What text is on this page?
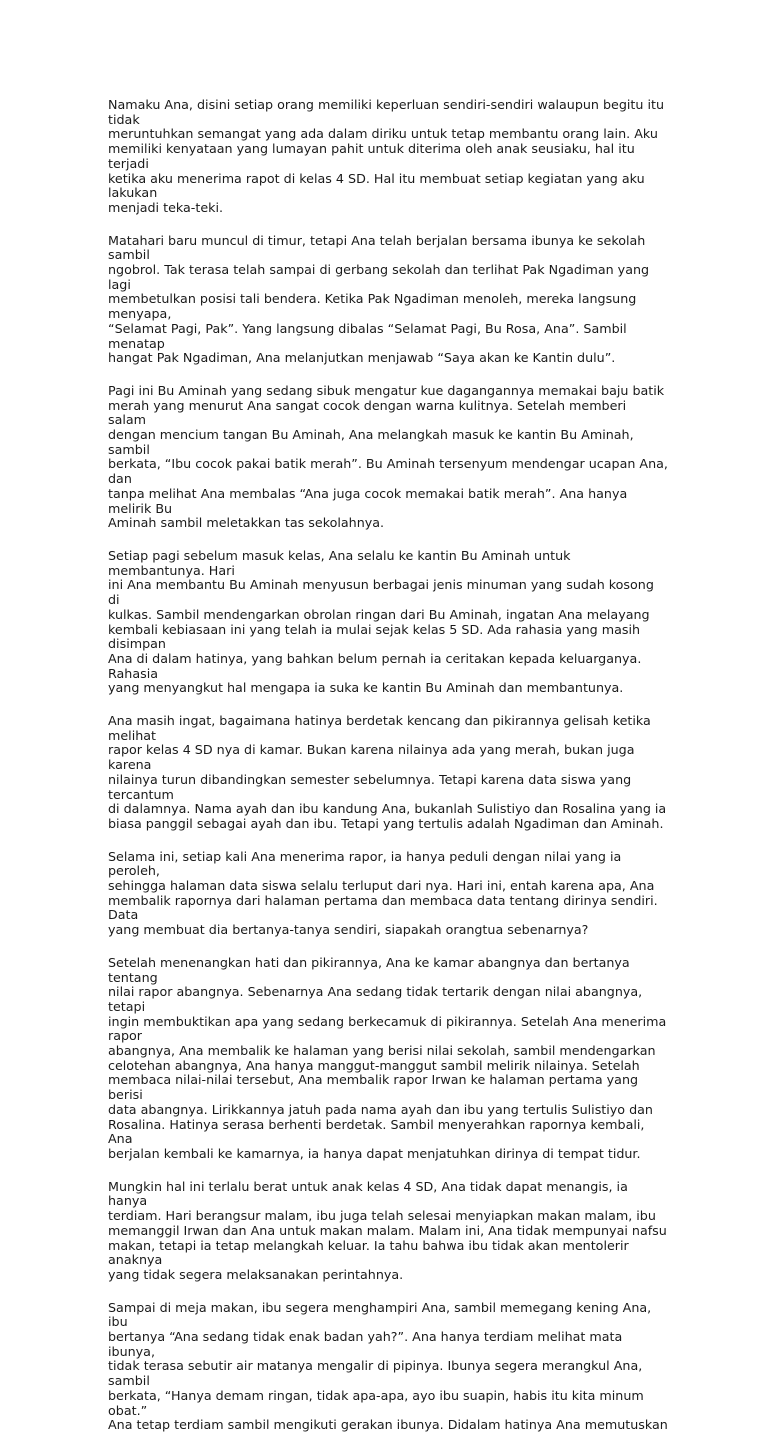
Namaku Ana, disini setiap orang memiliki keperluan sendiri-sendiri walaupun begitu itu tidak
meruntuhkan semangat yang ada dalam diriku untuk tetap membantu orang lain. Aku
memiliki kenyataan yang lumayan pahit untuk diterima oleh anak seusiaku, hal itu terjadi
ketika aku menerima rapot di kelas 4 SD. Hal itu membuat setiap kegiatan yang aku lakukan
menjadi teka-teki.

Matahari baru muncul di timur, tetapi Ana telah berjalan bersama ibunya ke sekolah sambil
ngobrol. Tak terasa telah sampai di gerbang sekolah dan terlihat Pak Ngadiman yang lagi
membetulkan posisi tali bendera. Ketika Pak Ngadiman menoleh, mereka langsung menyapa,
“Selamat Pagi, Pak”. Yang langsung dibalas “Selamat Pagi, Bu Rosa, Ana”. Sambil menatap
hangat Pak Ngadiman, Ana melanjutkan menjawab “Saya akan ke Kantin dulu”.

Pagi ini Bu Aminah yang sedang sibuk mengatur kue dagangannya memakai baju batik
merah yang menurut Ana sangat cocok dengan warna kulitnya. Setelah memberi salam
dengan mencium tangan Bu Aminah, Ana melangkah masuk ke kantin Bu Aminah, sambil
berkata, “Ibu cocok pakai batik merah”. Bu Aminah tersenyum mendengar ucapan Ana, dan
tanpa melihat Ana membalas “Ana juga cocok memakai batik merah”. Ana hanya melirik Bu
Aminah sambil meletakkan tas sekolahnya.

Setiap pagi sebelum masuk kelas, Ana selalu ke kantin Bu Aminah untuk membantunya. Hari
ini Ana membantu Bu Aminah menyusun berbagai jenis minuman yang sudah kosong di
kulkas. Sambil mendengarkan obrolan ringan dari Bu Aminah, ingatan Ana melayang
kembali kebiasaan ini yang telah ia mulai sejak kelas 5 SD. Ada rahasia yang masih disimpan
Ana di dalam hatinya, yang bahkan belum pernah ia ceritakan kepada keluarganya. Rahasia
yang menyangkut hal mengapa ia suka ke kantin Bu Aminah dan membantunya.

Ana masih ingat, bagaimana hatinya berdetak kencang dan pikirannya gelisah ketika melihat
rapor kelas 4 SD nya di kamar. Bukan karena nilainya ada yang merah, bukan juga karena
nilainya turun dibandingkan semester sebelumnya. Tetapi karena data siswa yang tercantum
di dalamnya. Nama ayah dan ibu kandung Ana, bukanlah Sulistiyo dan Rosalina yang ia
biasa panggil sebagai ayah dan ibu. Tetapi yang tertulis adalah Ngadiman dan Aminah.

Selama ini, setiap kali Ana menerima rapor, ia hanya peduli dengan nilai yang ia peroleh,
sehingga halaman data siswa selalu terluput dari nya. Hari ini, entah karena apa, Ana
membalik rapornya dari halaman pertama dan membaca data tentang dirinya sendiri. Data
yang membuat dia bertanya-tanya sendiri, siapakah orangtua sebenarnya?

Setelah menenangkan hati dan pikirannya, Ana ke kamar abangnya dan bertanya tentang
nilai rapor abangnya. Sebenarnya Ana sedang tidak tertarik dengan nilai abangnya, tetapi
ingin membuktikan apa yang sedang berkecamuk di pikirannya. Setelah Ana menerima rapor
abangnya, Ana membalik ke halaman yang berisi nilai sekolah, sambil mendengarkan
celotehan abangnya, Ana hanya manggut-manggut sambil melirik nilainya. Setelah
membaca nilai-nilai tersebut, Ana membalik rapor Irwan ke halaman pertama yang berisi
data abangnya. Lirikkannya jatuh pada nama ayah dan ibu yang tertulis Sulistiyo dan
Rosalina. Hatinya serasa berhenti berdetak. Sambil menyerahkan rapornya kembali, Ana
berjalan kembali ke kamarnya, ia hanya dapat menjatuhkan dirinya di tempat tidur.

Mungkin hal ini terlalu berat untuk anak kelas 4 SD, Ana tidak dapat menangis, ia hanya
terdiam. Hari berangsur malam, ibu juga telah selesai menyiapkan makan malam, ibu
memanggil Irwan dan Ana untuk makan malam. Malam ini, Ana tidak mempunyai nafsu
makan, tetapi ia tetap melangkah keluar. Ia tahu bahwa ibu tidak akan mentolerir anaknya
yang tidak segera melaksanakan perintahnya.

Sampai di meja makan, ibu segera menghampiri Ana, sambil memegang kening Ana, ibu
bertanya “Ana sedang tidak enak badan yah?”. Ana hanya terdiam melihat mata ibunya,
tidak terasa sebutir air matanya mengalir di pipinya. Ibunya segera merangkul Ana, sambil
berkata, “Hanya demam ringan, tidak apa-apa, ayo ibu suapin, habis itu kita minum obat.”
Ana tetap terdiam sambil mengikuti gerakan ibunya. Didalam hatinya Ana memutuskan
